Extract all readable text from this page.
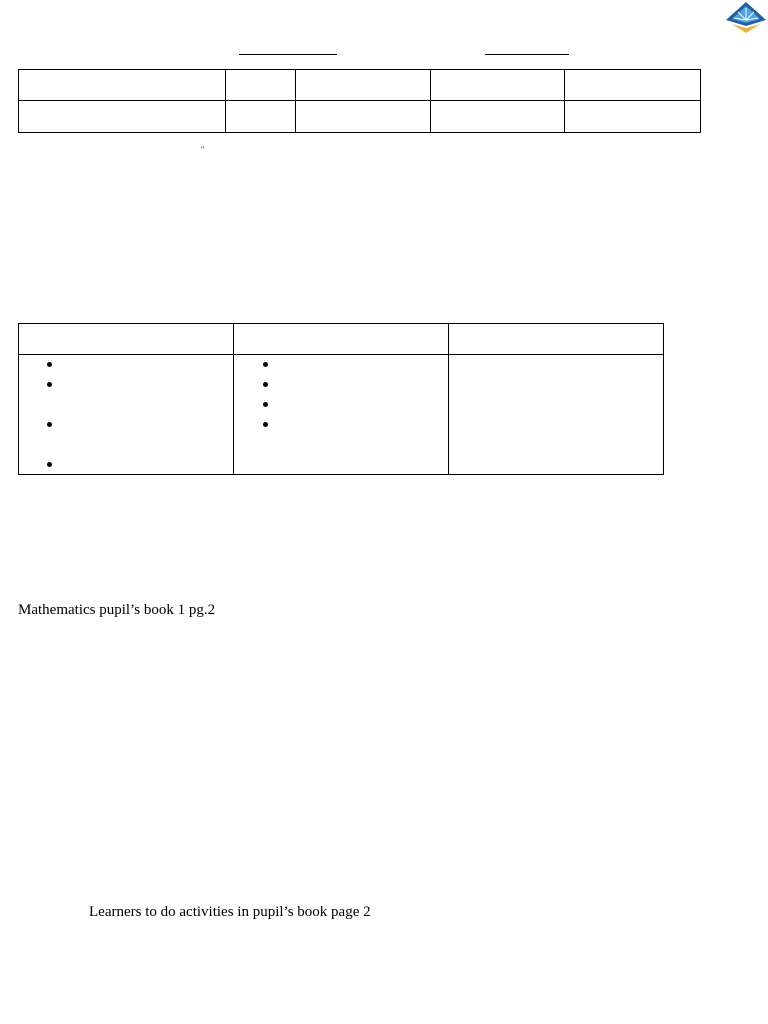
"

Mathematics pupil’s book 1 pg.2
Learners to do activities in pupil’s book page 2
